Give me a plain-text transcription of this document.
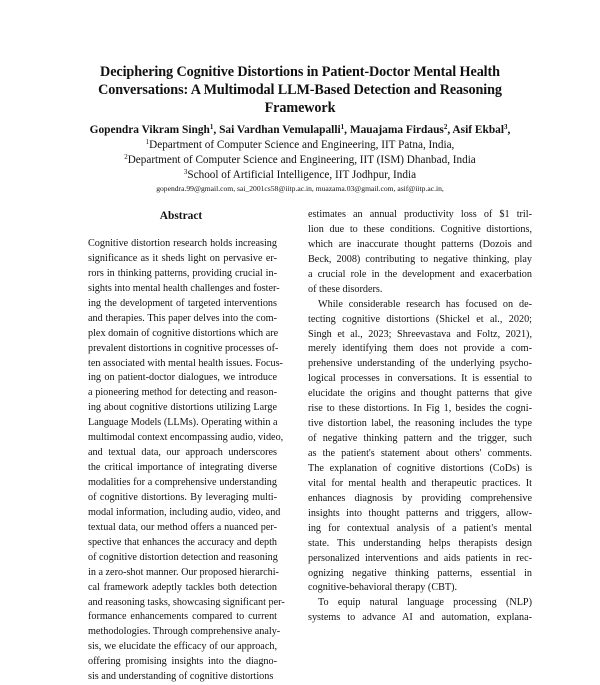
Deciphering Cognitive Distortions in Patient-Doctor Mental Health
Conversations: A Multimodal LLM-Based Detection and Reasoning
Framework
Gopendra Vikram Singh$^1$, Sai Vardhan Vemulapalli$^1$, Mauajama Firdaus$^2$, Asif Ekbal$^3$,
$^1$Department of Computer Science and Engineering, IIT Patna, India,
$^2$Department of Computer Science and Engineering, IIT (ISM) Dhanbad, India
$^3$School of Artificial Intelligence, IIT Jodhpur, India
gopendra.99@gmail.com, sai_2001cs58@iitp.ac.in, muazama.03@gmail.com, asif@iitp.ac.in,
Abstract
Cognitive distortion research holds increasing
significance as it sheds light on pervasive er-
rors in thinking patterns, providing crucial in-
sights into mental health challenges and foster-
ing the development of targeted interventions
and therapies. This paper delves into the com-
plex domain of cognitive distortions which are
prevalent distortions in cognitive processes of-
ten associated with mental health issues. Focus-
ing on patient-doctor dialogues, we introduce
a pioneering method for detecting and reason-
ing about cognitive distortions utilizing Large
Language Models (LLMs). Operating within a
multimodal context encompassing audio, video,
and textual data, our approach underscores
the critical importance of integrating diverse
modalities for a comprehensive understanding
of cognitive distortions. By leveraging multi-
modal information, including audio, video, and
textual data, our method offers a nuanced per-
spective that enhances the accuracy and depth
of cognitive distortion detection and reasoning
in a zero-shot manner. Our proposed hierarchi-
cal framework adeptly tackles both detection
and reasoning tasks, showcasing significant per-
formance enhancements compared to current
methodologies. Through comprehensive analy-
sis, we elucidate the efficacy of our approach,
offering promising insights into the diagno-
sis and understanding of cognitive distortions
estimates an annual productivity loss of $1 tril-
lion due to these conditions. Cognitive distortions,
which are inaccurate thought patterns (Dozois and
Beck, 2008) contributing to negative thinking, play
a crucial role in the development and exacerbation
of these disorders.
While considerable research has focused on de-
tecting cognitive distortions (Shickel et al., 2020;
Singh et al., 2023; Shreevastava and Foltz, 2021),
merely identifying them does not provide a com-
prehensive understanding of the underlying psycho-
logical processes in conversations. It is essential to
elucidate the origins and thought patterns that give
rise to these distortions. In Fig 1, besides the cogni-
tive distortion label, the reasoning includes the type
of negative thinking pattern and the trigger, such
as the patient's statement about others' comments.
The explanation of cognitive distortions (CoDs) is
vital for mental health and therapeutic practices. It
enhances diagnosis by providing comprehensive
insights into thought patterns and triggers, allow-
ing for contextual analysis of a patient's mental
state. This understanding helps therapists design
personalized interventions and aids patients in rec-
ognizing negative thinking patterns, essential in
cognitive-behavioral therapy (CBT).
To equip natural language processing (NLP)
systems to advance AI and automation, explana-
